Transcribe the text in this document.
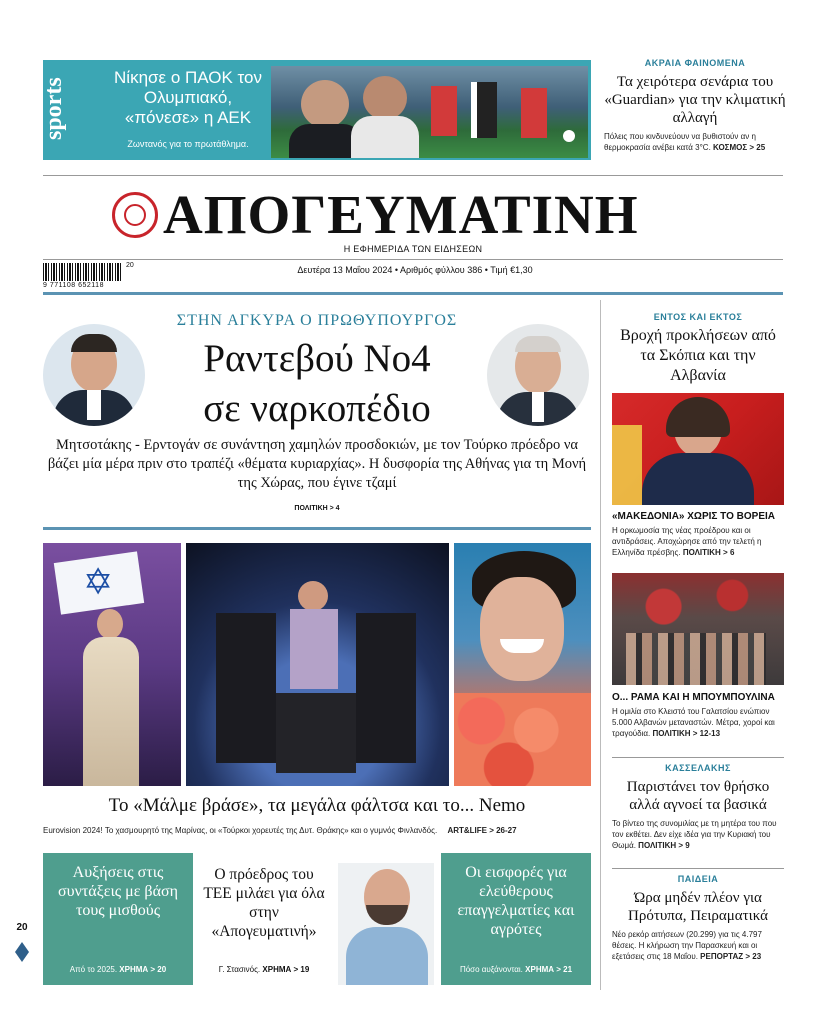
sports	Νίκησε ο ΠΑΟΚ τον Ολυμπιακό, «πόνεσε» η ΑΕΚ
Ζωντανός για το πρωτάθλημα.
ΑΚΡΑΙΑ ΦΑΙΝΟΜΕΝΑ
Τα χειρότερα σενάρια του «Guardian» για την κλιματική αλλαγή
Πόλεις που κινδυνεύουν να βυθιστούν αν η θερμοκρασία ανέβει κατά 3°C. ΚΟΣΜΟΣ > 25
ΑΠΟΓΕΥΜΑΤΙΝΗ
Η ΕΦΗΜΕΡΙΔΑ ΤΩΝ ΕΙΔΗΣΕΩΝ
20
9 771108 652118
Δευτέρα 13 Μαΐου 2024 • Αριθμός φύλλου 386 • Τιμή €1,30
ΣΤΗΝ ΑΓΚΥΡΑ Ο ΠΡΩΘΥΠΟΥΡΓΟΣ
Ραντεβού Νο4
σε ναρκοπέδιο
Μητσοτάκης - Ερντογάν σε συνάντηση χαμηλών προσδοκιών, με τον Τούρκο πρόεδρο να βάζει μία μέρα πριν στο τραπέζι «θέματα κυριαρχίας». Η δυσφορία της Αθήνας για τη Μονή της Χώρας, που έγινε τζαμί
ΠΟΛΙΤΙΚΗ > 4
ΕΝΤΟΣ ΚΑΙ ΕΚΤΟΣ
Βροχή προκλήσεων από τα Σκόπια και την Αλβανία
«ΜΑΚΕΔΟΝΙΑ» ΧΩΡΙΣ ΤΟ ΒΟΡΕΙΑ
Η ορκωμοσία της νέας προέδρου και οι αντιδράσεις. Αποχώρησε από την τελετή η Ελληνίδα πρέσβης. ΠΟΛΙΤΙΚΗ > 6
Ο... ΡΑΜΑ ΚΑΙ Η ΜΠΟΥΜΠΟΥΛΙΝΑ
Η ομιλία στο Κλειστό του Γαλατσίου ενώπιον 5.000 Αλβανών μεταναστών. Μέτρα, χοροί και τραγούδια. ΠΟΛΙΤΙΚΗ > 12-13
ΚΑΣΣΕΛΑΚΗΣ
Παριστάνει τον θρήσκο αλλά αγνοεί τα βασικά
Το βίντεο της συνομιλίας με τη μητέρα του που τον εκθέτει. Δεν είχε ιδέα για την Κυριακή του Θωμά. ΠΟΛΙΤΙΚΗ > 9
ΠΑΙΔΕΙΑ
Ώρα μηδέν πλέον για Πρότυπα, Πειραματικά
Νέο ρεκόρ αιτήσεων (20.299) για τις 4.797 θέσεις. Η κλήρωση την Παρασκευή και οι εξετάσεις στις 18 Μαΐου. ΡΕΠΟΡΤΑΖ > 23
✡
Το «Μάλμε βράσε», τα μεγάλα φάλτσα και το... Nemo
Eurovision 2024! Το χασμουρητό της Μαρίνας, οι «Τούρκοι χορευτές της Δυτ. Θράκης» και ο γυμνός Φινλανδός. ART&LIFE > 26-27
Αυξήσεις στις συντάξεις με βάση τους μισθούς
Από το 2025. ΧΡΗΜΑ > 20
Ο πρόεδρος του ΤΕΕ μιλάει για όλα στην «Απογευματινή»
Γ. Στασινός. ΧΡΗΜΑ > 19
Οι εισφορές για ελεύθερους επαγγελματίες και αγρότες
Πόσο αυξάνονται. ΧΡΗΜΑ > 21
20
